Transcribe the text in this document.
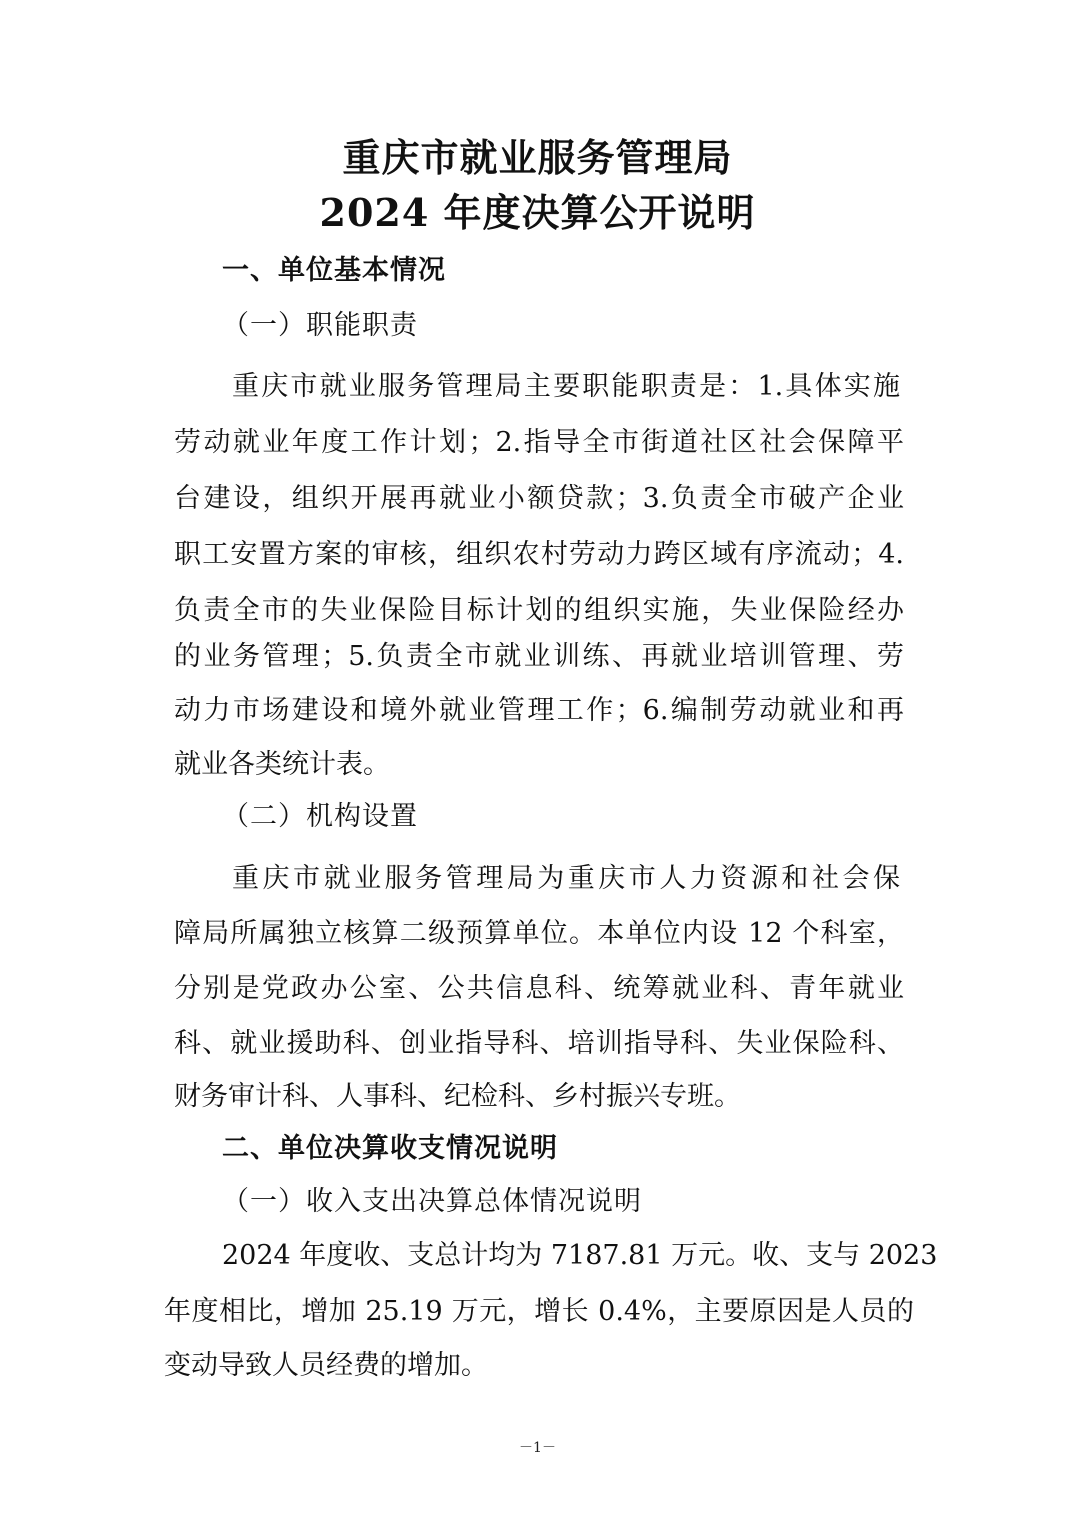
重庆市就业服务管理局
2024 年度决算公开说明
一、单位基本情况
（一）职能职责
重庆市就业服务管理局主要职能职责是：1.具体实施
劳动就业年度工作计划；2.指导全市街道社区社会保障平
台建设，组织开展再就业小额贷款；3.负责全市破产企业
职工安置方案的审核，组织农村劳动力跨区域有序流动；4.
负责全市的失业保险目标计划的组织实施，失业保险经办
的业务管理；5.负责全市就业训练、再就业培训管理、劳
动力市场建设和境外就业管理工作；6.编制劳动就业和再
就业各类统计表。
（二）机构设置
重庆市就业服务管理局为重庆市人力资源和社会保
障局所属独立核算二级预算单位。本单位内设 12 个科室，
分别是党政办公室、公共信息科、统筹就业科、青年就业
科、就业援助科、创业指导科、培训指导科、失业保险科、
财务审计科、人事科、纪检科、乡村振兴专班。
二、单位决算收支情况说明
（一）收入支出决算总体情况说明
2024 年度收、支总计均为 7187.81 万元。收、支与 2023
年度相比，增加 25.19 万元，增长 0.4%，主要原因是人员的
变动导致人员经费的增加。
－1－
